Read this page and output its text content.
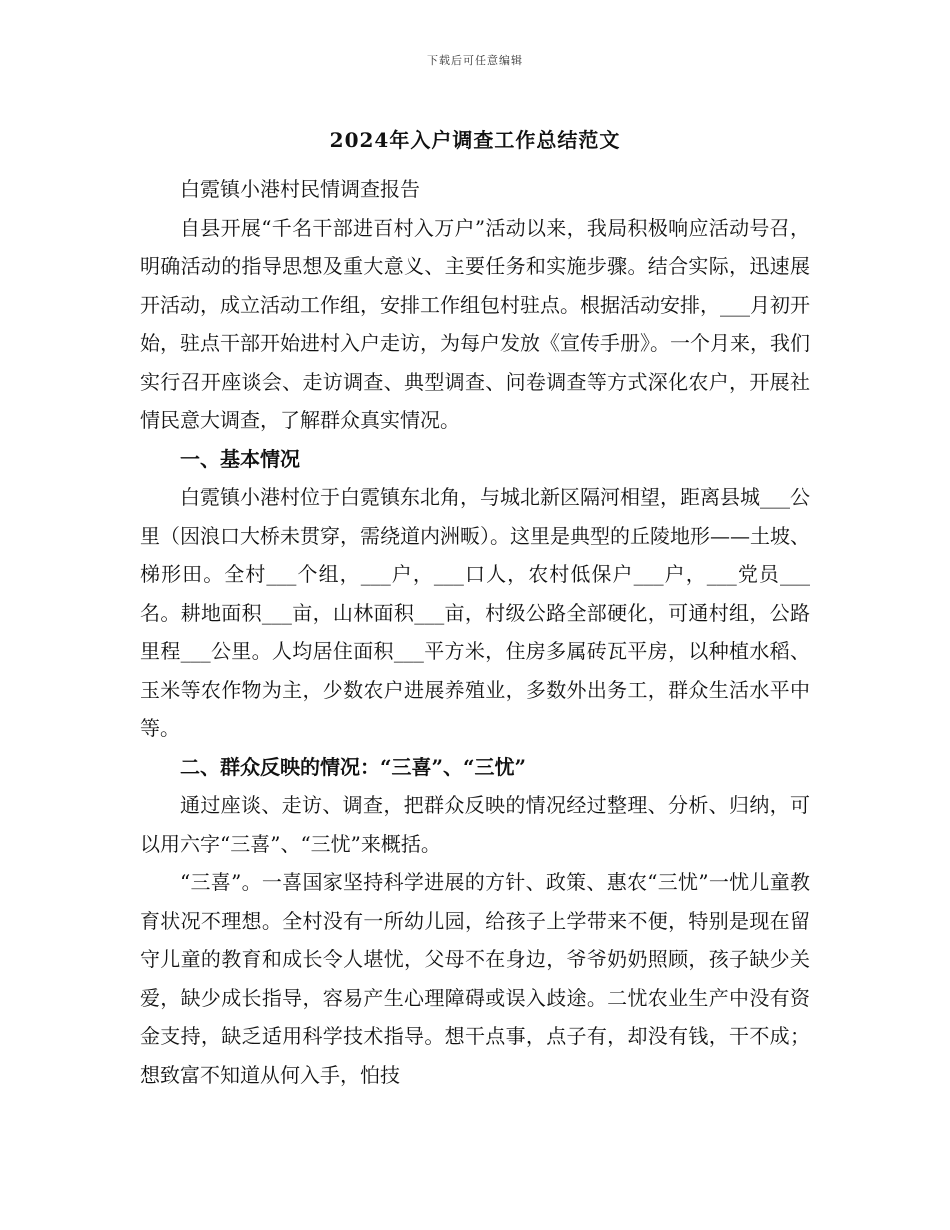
下载后可任意编辑
2024年入户调查工作总结范文

白霓镇小港村民情调查报告

自县开展“千名干部进百村入万户”活动以来，我局积极响应活动号召，明确活动的指导思想及重大意义、主要任务和实施步骤。结合实际，迅速展开活动，成立活动工作组，安排工作组包村驻点。根据活动安排，___月初开始，驻点干部开始进村入户走访，为每户发放《宣传手册》。一个月来，我们实行召开座谈会、走访调查、典型调查、问卷调查等方式深化农户，开展社情民意大调查，了解群众真实情况。

一、基本情况

白霓镇小港村位于白霓镇东北角，与城北新区隔河相望，距离县城___公里（因浪口大桥未贯穿，需绕道内洲畈）。这里是典型的丘陵地形——土坡、梯形田。全村___个组，___户，___口人，农村低保户___户，___党员___名。耕地面积___亩，山林面积___亩，村级公路全部硬化，可通村组，公路里程___公里。人均居住面积___平方米，住房多属砖瓦平房，以种植水稻、玉米等农作物为主，少数农户进展养殖业，多数外出务工，群众生活水平中等。

二、群众反映的情况：“三喜”、“三忧”

通过座谈、走访、调查，把群众反映的情况经过整理、分析、归纳，可以用六字“三喜”、“三忧”来概括。

“三喜”。一喜国家坚持科学进展的方针、政策、惠农“三忧”一忧儿童教育状况不理想。全村没有一所幼儿园，给孩子上学带来不便，特别是现在留守儿童的教育和成长令人堪忧，父母不在身边，爷爷奶奶照顾，孩子缺少关爱，缺少成长指导，容易产生心理障碍或误入歧途。二忧农业生产中没有资金支持，缺乏适用科学技术指导。想干点事，点子有，却没有钱，干不成；想致富不知道从何入手，怕技
